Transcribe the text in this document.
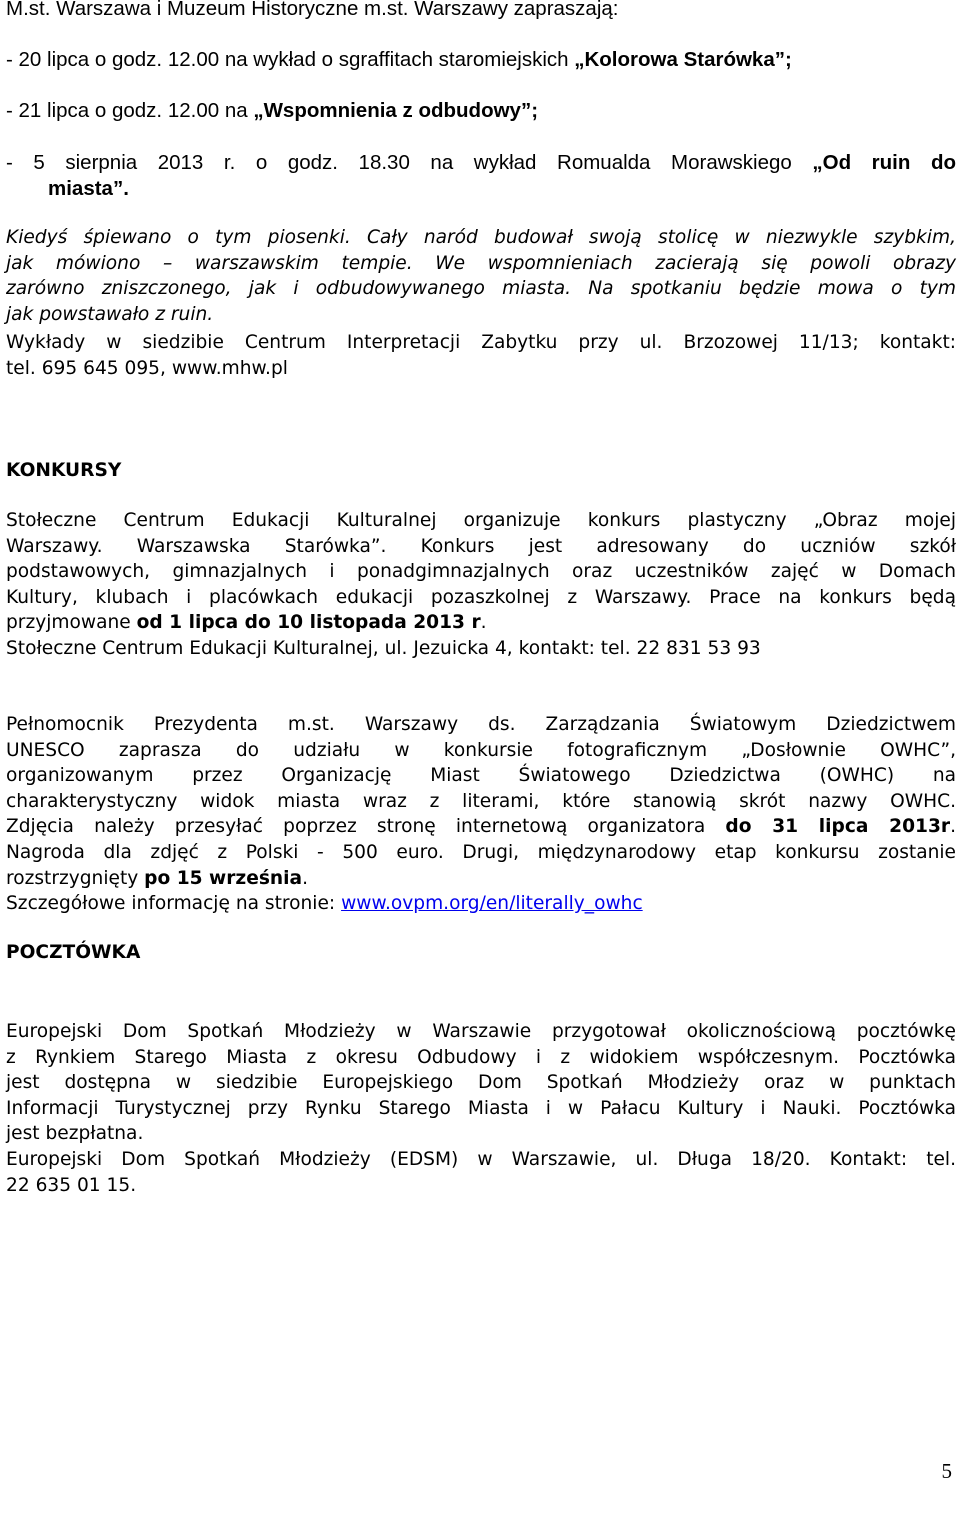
M.st. Warszawa i Muzeum Historyczne m.st. Warszawy zapraszają:
- 20 lipca o godz. 12.00 na wykład o sgraffitach staromiejskich „Kolorowa Starówka”;
- 21 lipca o godz. 12.00 na „Wspomnienia z odbudowy”;
- 5 sierpnia 2013 r. o godz. 18.30 na wykład Romualda Morawskiego „Od ruin do
miasta”.
Kiedyś śpiewano o tym piosenki. Cały naród budował swoją stolicę w niezwykle szybkim,
jak mówiono – warszawskim tempie. We wspomnieniach zacierają się powoli obrazy
zarówno zniszczonego, jak i odbudowywanego miasta. Na spotkaniu będzie mowa o tym
jak powstawało z ruin.
Wykłady w siedzibie Centrum Interpretacji Zabytku przy ul. Brzozowej 11/13; kontakt:
tel. 695 645 095, www.mhw.pl
KONKURSY
Stołeczne Centrum Edukacji Kulturalnej organizuje konkurs plastyczny „Obraz mojej
Warszawy. Warszawska Starówka”. Konkurs jest adresowany do uczniów szkół
podstawowych, gimnazjalnych i ponadgimnazjalnych oraz uczestników zajęć w Domach
Kultury, klubach i placówkach edukacji pozaszkolnej z Warszawy. Prace na konkurs będą
przyjmowane od 1 lipca do 10 listopada 2013 r.
Stołeczne Centrum Edukacji Kulturalnej, ul. Jezuicka 4, kontakt: tel. 22 831 53 93
Pełnomocnik Prezydenta m.st. Warszawy ds. Zarządzania Światowym Dziedzictwem
UNESCO zaprasza do udziału w konkursie fotograficznym „Dosłownie OWHC”,
organizowanym przez Organizację Miast Światowego Dziedzictwa (OWHC) na
charakterystyczny widok miasta wraz z literami, które stanowią skrót nazwy OWHC.
Zdjęcia należy przesyłać poprzez stronę internetową organizatora do 31 lipca 2013r.
Nagroda dla zdjęć z Polski - 500 euro. Drugi, międzynarodowy etap konkursu zostanie
rozstrzygnięty po 15 września.
Szczegółowe informację na stronie: www.ovpm.org/en/literally_owhc
POCZTÓWKA
Europejski Dom Spotkań Młodzieży w Warszawie przygotował okolicznościową pocztówkę
z Rynkiem Starego Miasta z okresu Odbudowy i z widokiem współczesnym. Pocztówka
jest dostępna w siedzibie Europejskiego Dom Spotkań Młodzieży oraz w punktach
Informacji Turystycznej przy Rynku Starego Miasta i w Pałacu Kultury i Nauki. Pocztówka
jest bezpłatna.
Europejski Dom Spotkań Młodzieży (EDSM) w Warszawie, ul. Długa 18/20. Kontakt: tel.
22 635 01 15.
5
